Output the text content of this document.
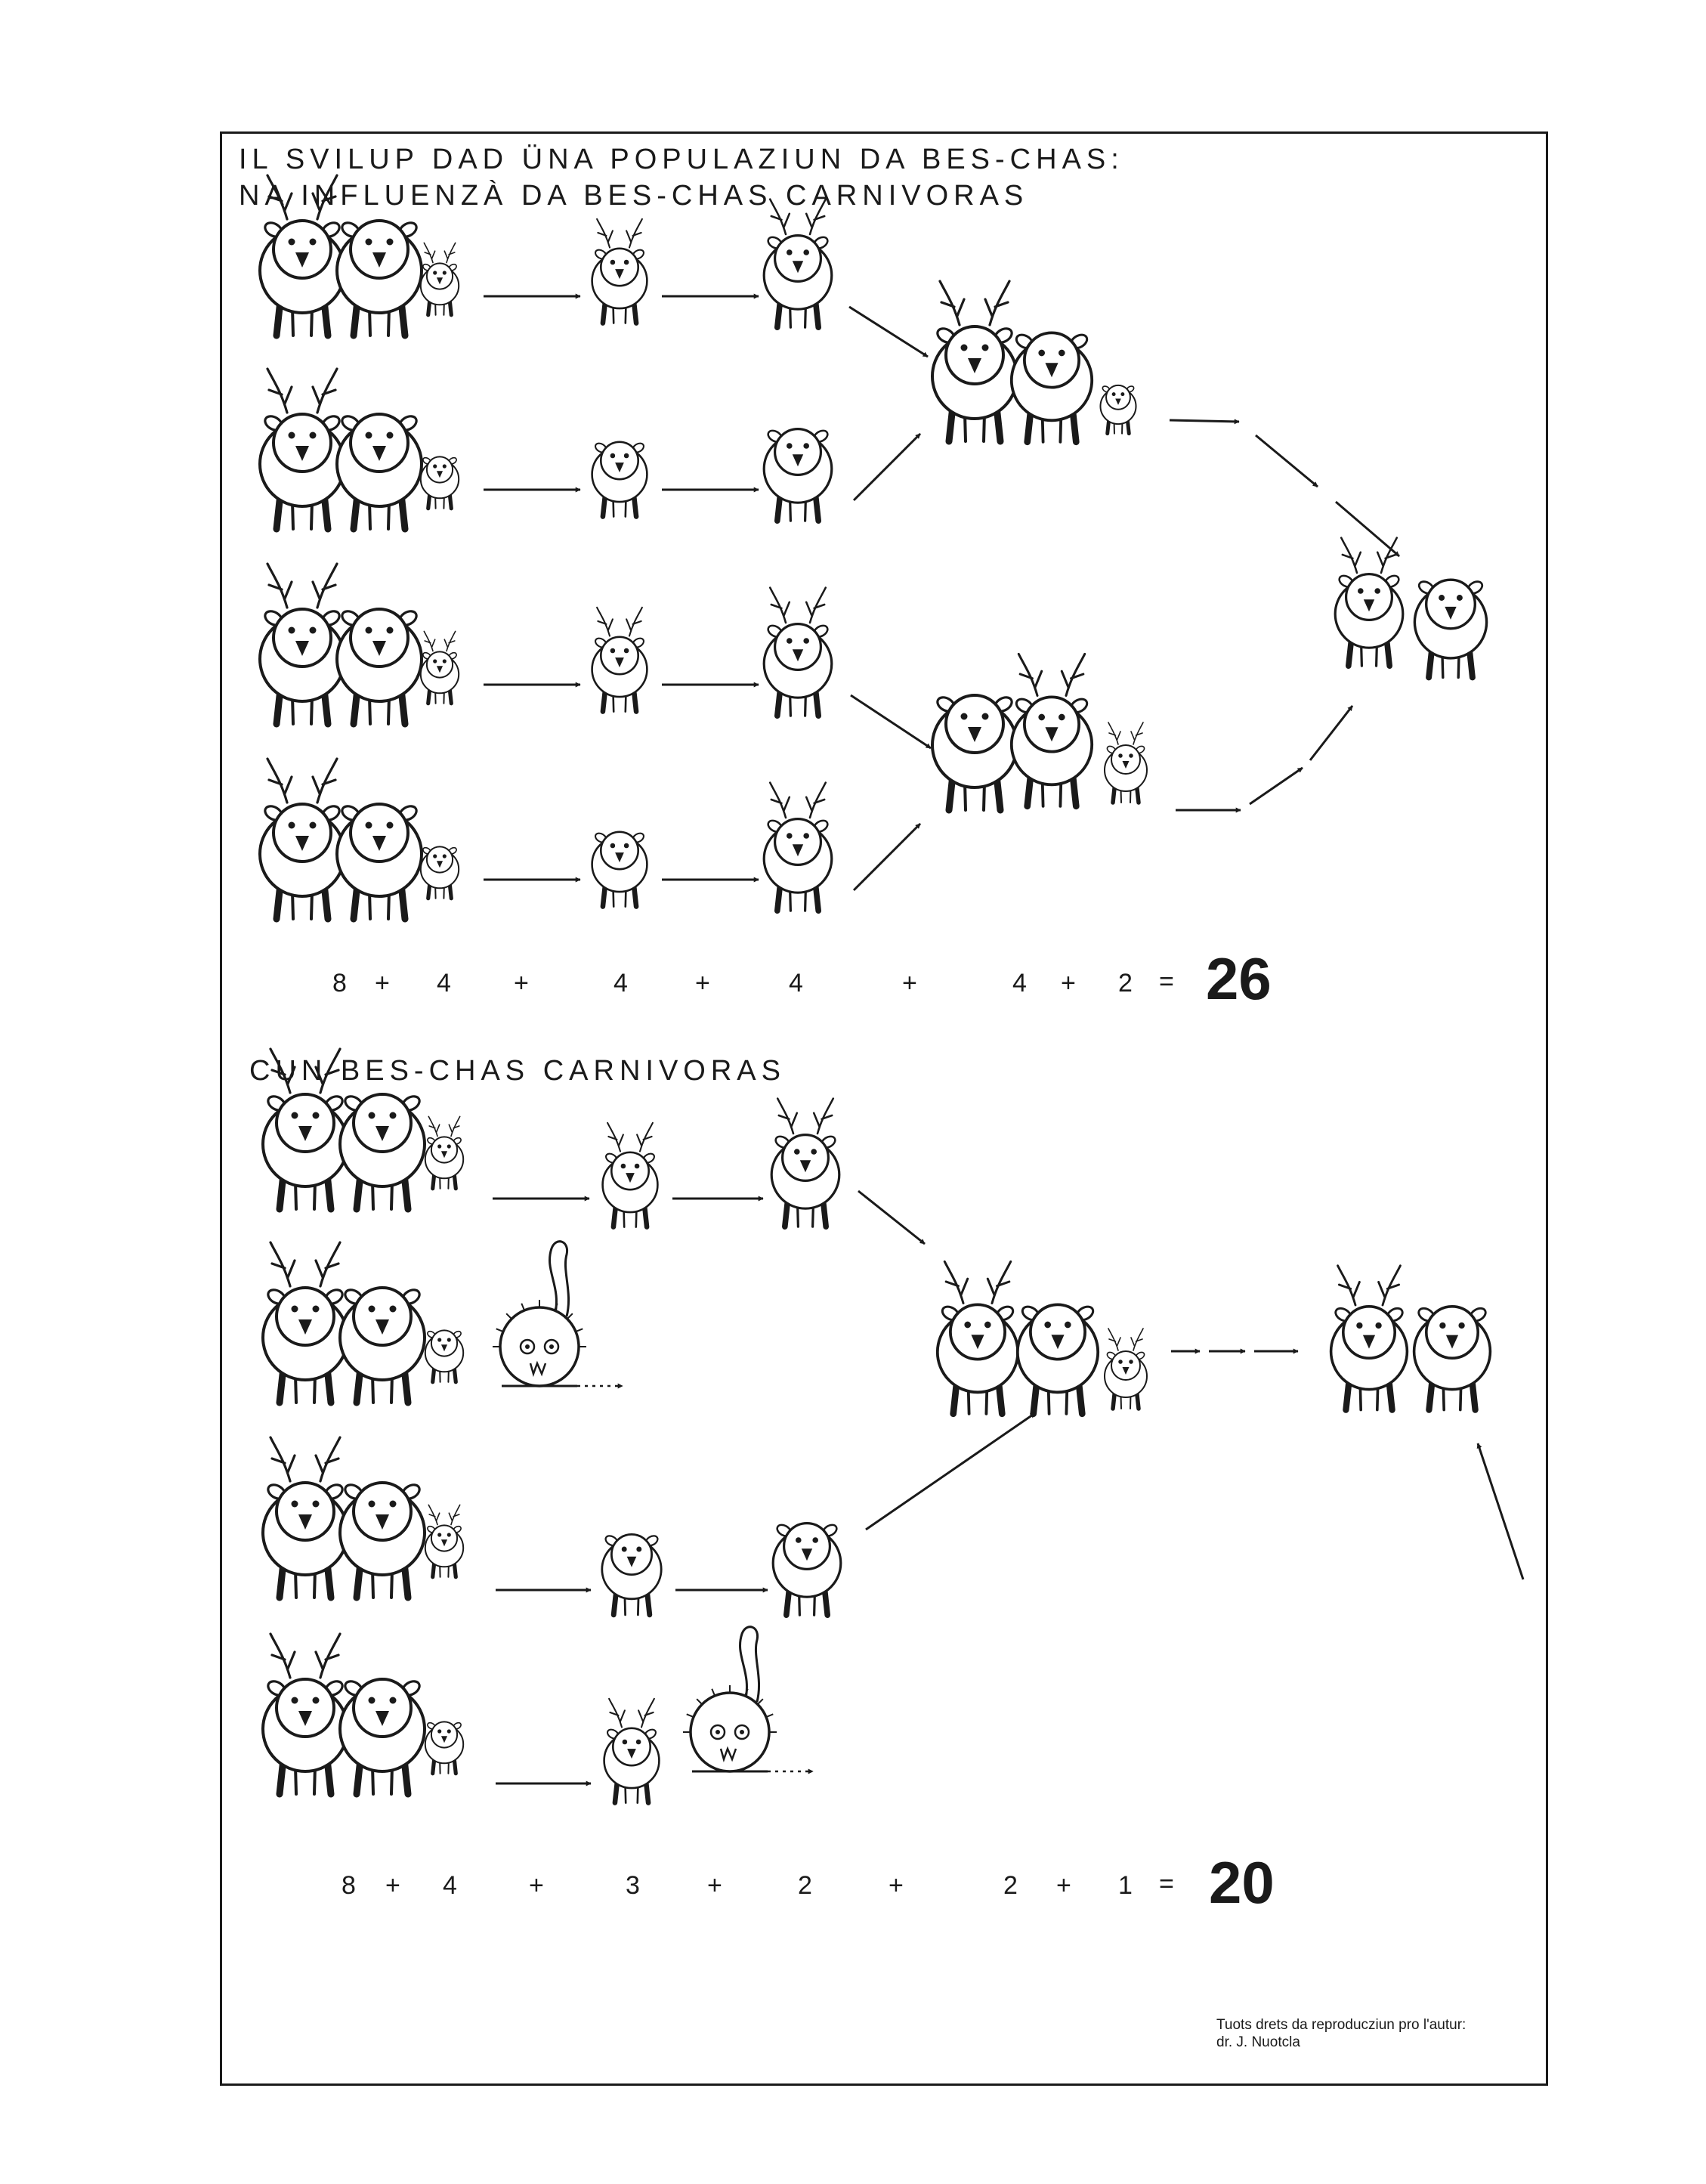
IL SVILUP DAD ÜNA POPULAZIUN DA BES-CHAS:
NA INFLUENZÀ DA BES-CHAS CARNIVORAS
CUN BES-CHAS CARNIVORAS
8 + 4 +	4	+	4	+	4 + 2 = 26
8 + 4	+	3	+	2	+	2 + 1 = 20
Tuots drets da reproducziun pro l'autur:
dr. J. Nuotcla
